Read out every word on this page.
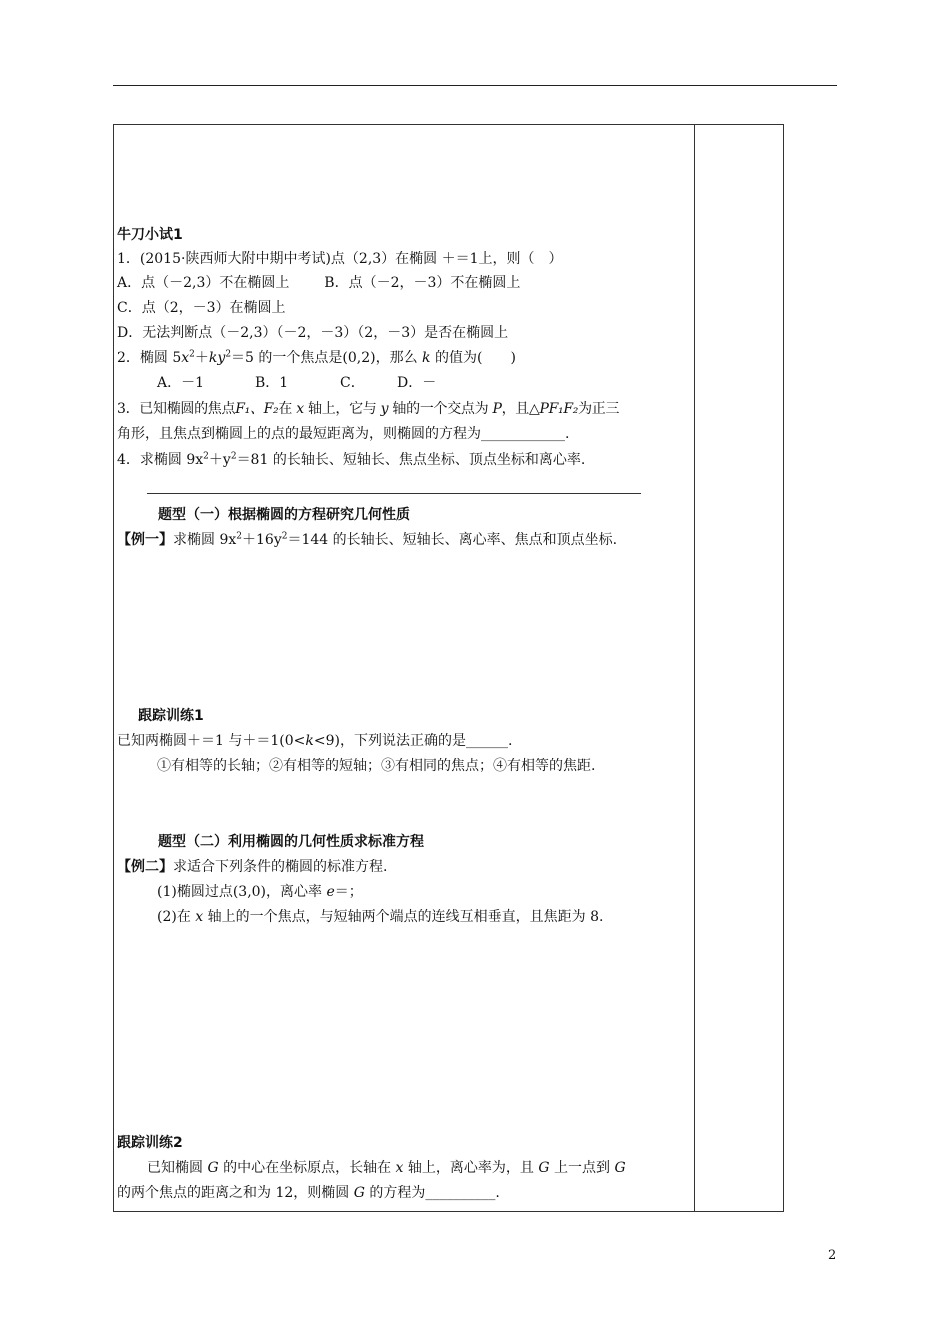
牛刀小试1
1．(2015·陕西师大附中期中考试)点（2,3）在椭圆 ＋＝1上，则（　）
A．点（－2,3）不在椭圆上 B．点（－2，－3）不在椭圆上
C．点（2，－3）在椭圆上
D．无法判断点（－2,3）（－2，－3）（2，－3）是否在椭圆上
2．椭圆 $5x^2+ky^2=5$ 的一个焦点是(0,2)，那么 k 的值为(　　)
A．－1	B．1	C． D．－
3．已知椭圆的焦点F₁、F₂在 x 轴上，它与 y 轴的一个交点为 P，且△PF₁F₂为正三
角形，且焦点到椭圆上的点的最短距离为，则椭圆的方程为____________.
4．求椭圆 $9x^2+y^2=81$ 的长轴长、短轴长、焦点坐标、顶点坐标和离心率.
题型（一）根据椭圆的方程研究几何性质
【例一】求椭圆 $9x^2+16y^2=144$ 的长轴长、短轴长、离心率、焦点和顶点坐标.
跟踪训练1
已知两椭圆＋＝1 与＋＝1(0<k<9)，下列说法正确的是______.
①有相等的长轴；②有相等的短轴；③有相同的焦点；④有相等的焦距.
题型（二）利用椭圆的几何性质求标准方程
【例二】求适合下列条件的椭圆的标准方程.
(1)椭圆过点(3,0)，离心率 e＝；
(2)在 x 轴上的一个焦点，与短轴两个端点的连线互相垂直，且焦距为 8.
跟踪训练2
已知椭圆 G 的中心在坐标原点，长轴在 x 轴上，离心率为，且 G 上一点到 G
的两个焦点的距离之和为 12，则椭圆 G 的方程为__________.
2
